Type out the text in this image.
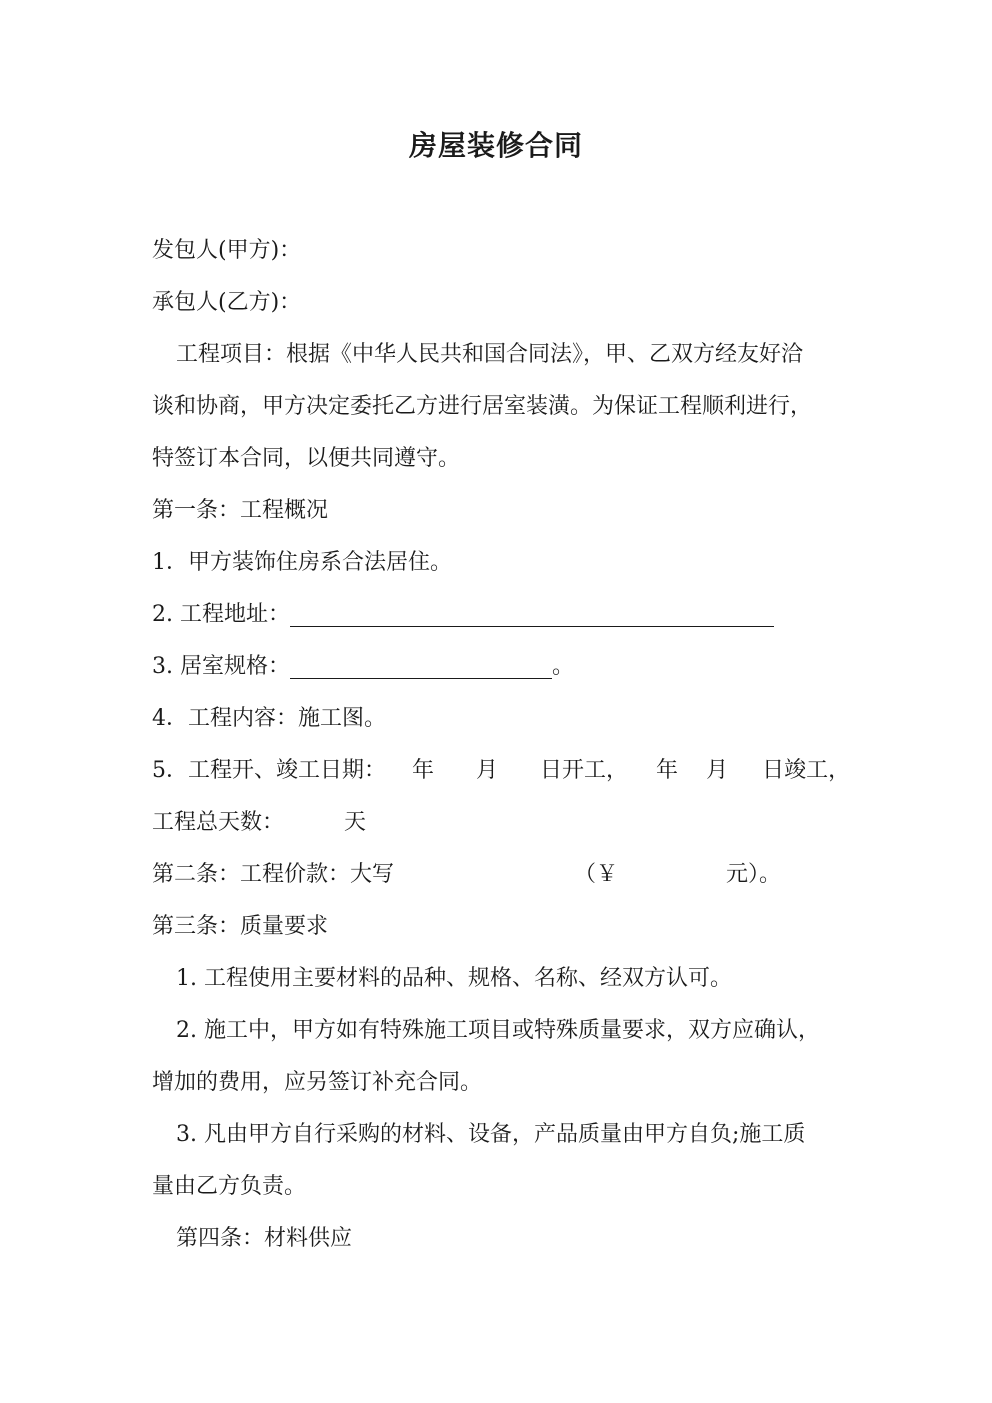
房屋装修合同
发包人(甲方)：
承包人(乙方)：
工程项目：根据《中华人民共和国合同法》，甲、乙双方经友好洽
谈和协商，甲方决定委托乙方进行居室装潢。为保证工程顺利进行，
特签订本合同，以便共同遵守。
第一条：工程概况
1．甲方装饰住房系合法居住。
2. 工程地址：
3. 居室规格：	。
4．工程内容：施工图。
5．工程开、竣工日期： 年 月 日开工， 年 月 日竣工，
工程总天数：	天
第二条：工程价款：大写	（￥	元）。
第三条：质量要求
1. 工程使用主要材料的品种、规格、名称、经双方认可。
2. 施工中，甲方如有特殊施工项目或特殊质量要求，双方应确认，
增加的费用，应另签订补充合同。
3. 凡由甲方自行采购的材料、设备，产品质量由甲方自负;施工质
量由乙方负责。
第四条：材料供应
